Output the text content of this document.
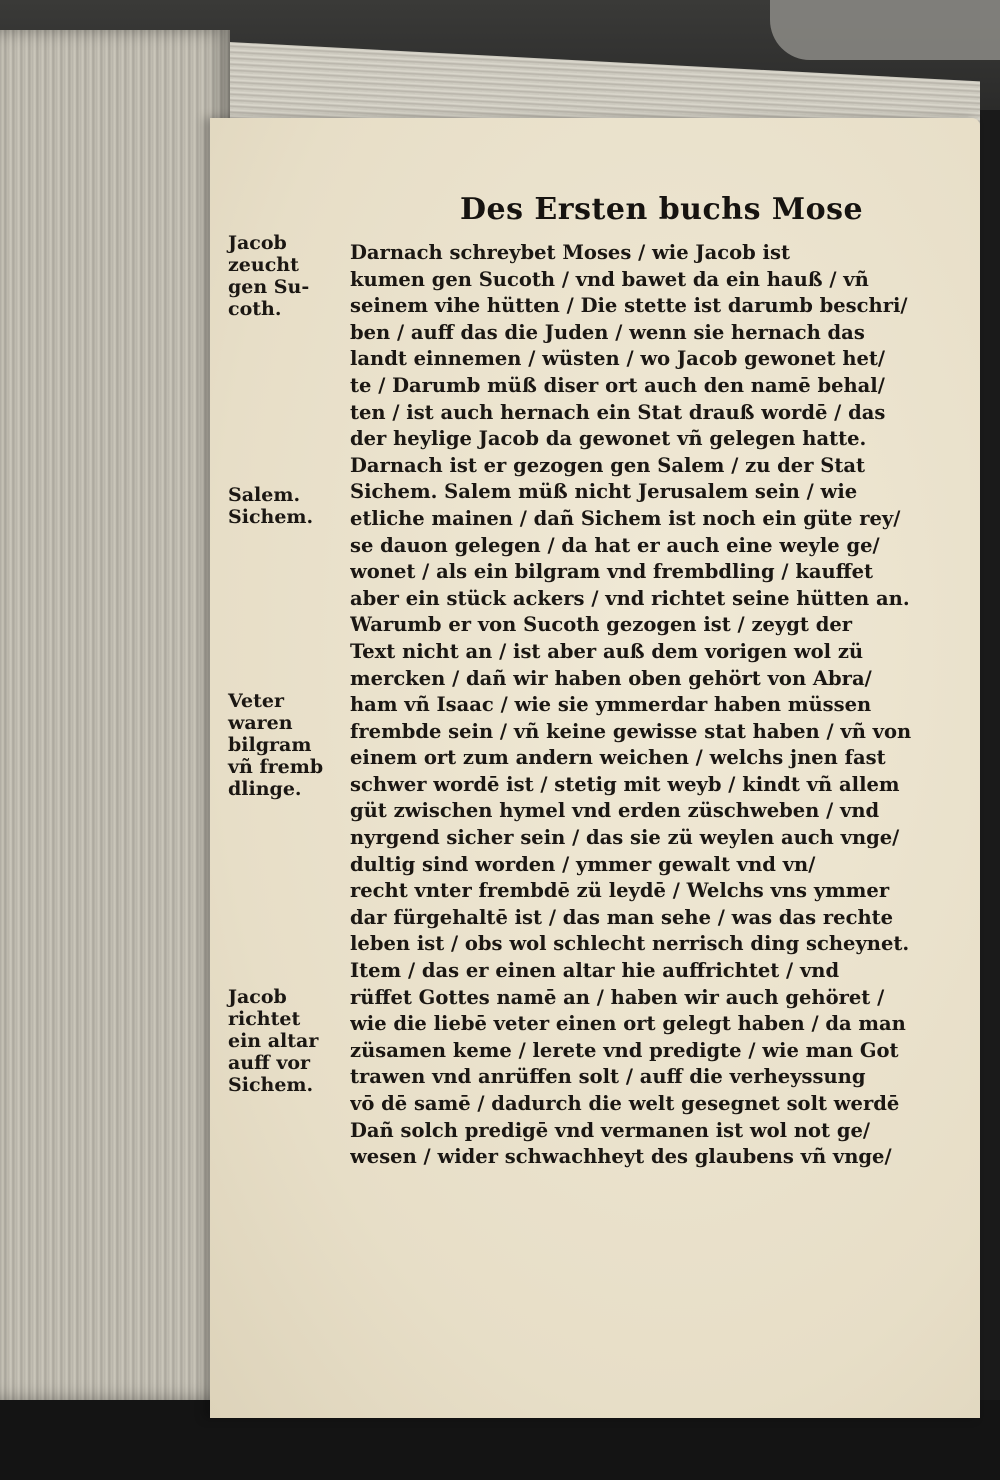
Des Ersten buchs Mose
Darnach schreybet Moses / wie Jacob ist
kumen gen Sucoth / vnd bawet da ein hauß / vñ
seinem vihe hütten / Die stette ist darumb beschri/
ben / auff das die Juden / wenn sie hernach das
landt einnemen / wüsten / wo Jacob gewonet het/
te / Darumb müß diser ort auch den namē behal/
ten / ist auch hernach ein Stat drauß wordē / das
der heylige Jacob da gewonet vñ gelegen hatte.
Darnach ist er gezogen gen Salem / zu der Stat
Sichem. Salem müß nicht Jerusalem sein / wie
etliche mainen / dañ Sichem ist noch ein güte rey/
se dauon gelegen / da hat er auch eine weyle ge/
wonet / als ein bilgram vnd frembdling / kauffet
aber ein stück ackers / vnd richtet seine hütten an.
Warumb er von Sucoth gezogen ist / zeygt der
Text nicht an / ist aber auß dem vorigen wol zü
mercken / dañ wir haben oben gehört von Abra/
ham vñ Isaac / wie sie ymmerdar haben müssen
frembde sein / vñ keine gewisse stat haben / vñ von
einem ort zum andern weichen / welchs jnen fast
schwer wordē ist / stetig mit weyb / kindt vñ allem
güt zwischen hymel vnd erden züschweben / vnd
nyrgend sicher sein / das sie zü weylen auch vnge/
dultig sind worden / ymmer gewalt vnd vn/
recht vnter frembdē zü leydē / Welchs vns ymmer
dar fürgehaltē ist / das man sehe / was das rechte
leben ist / obs wol schlecht nerrisch ding scheynet.
Item / das er einen altar hie auffrichtet / vnd
rüffet Gottes namē an / haben wir auch gehöret /
wie die liebē veter einen ort gelegt haben / da man
züsamen keme / lerete vnd predigte / wie man Got
trawen vnd anrüffen solt / auff die verheyssung
vō dē samē / dadurch die welt gesegnet solt werdē
Dañ solch predigē vnd vermanen ist wol not ge/
wesen / wider schwachheyt des glaubens vñ vnge/
Jacob
zeucht
gen Su-
coth.
Salem.
Sichem.
Veter
waren
bilgram
vñ fremb
dlinge.
Jacob
richtet
ein altar
auff vor
Sichem.
